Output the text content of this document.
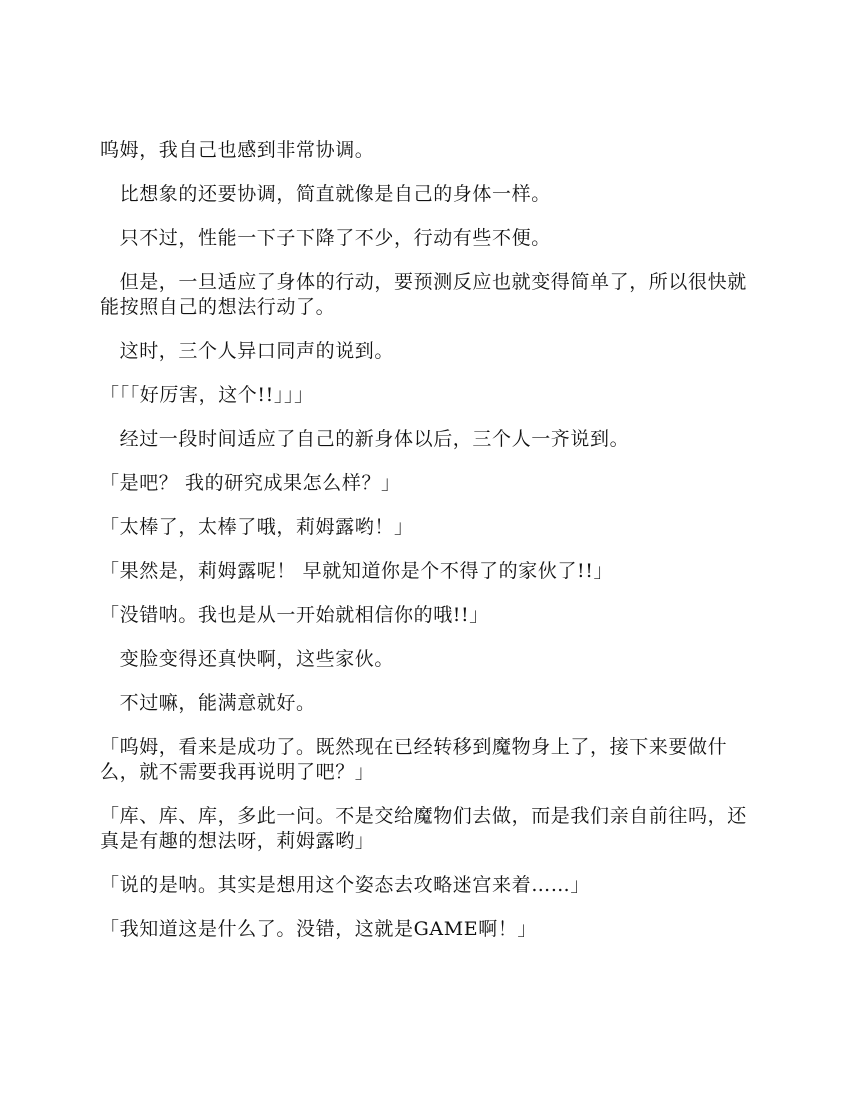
呜姆，我自己也感到非常协调。

　比想象的还要协调，简直就像是自己的身体一样。

　只不过，性能一下子下降了不少，行动有些不便。

　但是，一旦适应了身体的行动，要预测反应也就变得简单了，所以很快就能按照自己的想法行动了。

　这时，三个人异口同声的说到。

「「「好厉害，这个!!」」」

　经过一段时间适应了自己的新身体以后，三个人一齐说到。

「是吧？ 我的研究成果怎么样？」

「太棒了，太棒了哦，莉姆露哟！」

「果然是，莉姆露呢！ 早就知道你是个不得了的家伙了!!」

「没错呐。我也是从一开始就相信你的哦!!」

　变脸变得还真快啊，这些家伙。

　不过嘛，能满意就好。

「呜姆，看来是成功了。既然现在已经转移到魔物身上了，接下来要做什么，就不需要我再说明了吧？」

「库、库、库，多此一问。不是交给魔物们去做，而是我们亲自前往吗，还真是有趣的想法呀，莉姆露哟」

「说的是呐。其实是想用这个姿态去攻略迷宫来着……」

「我知道这是什么了。没错，这就是GAME啊！」
